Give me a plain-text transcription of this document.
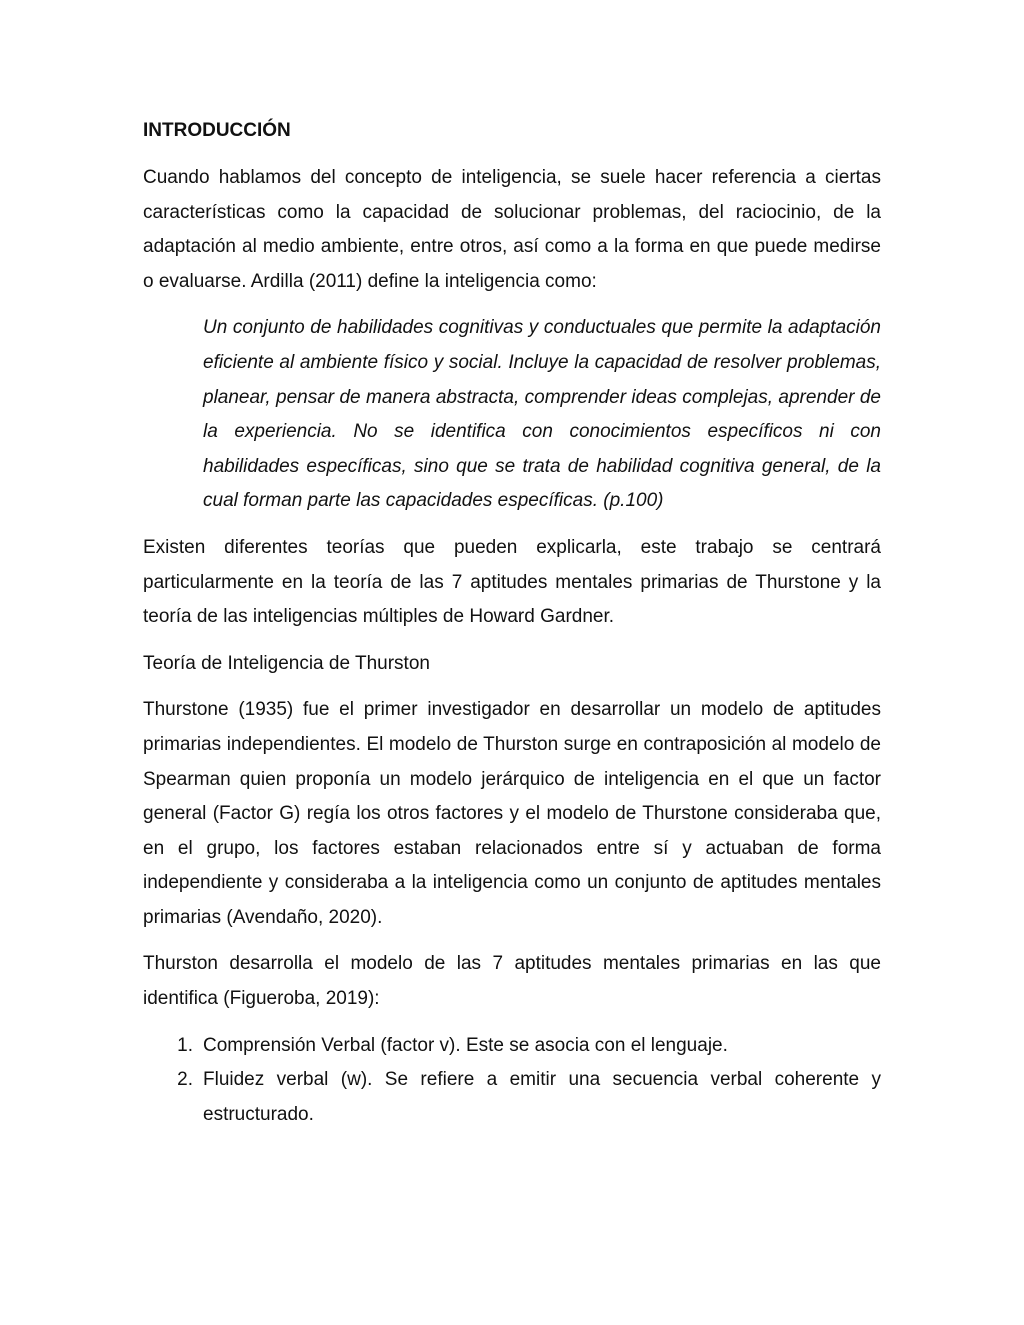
INTRODUCCIÓN

Cuando hablamos del concepto de inteligencia, se suele hacer referencia a ciertas características como la capacidad de solucionar problemas, del raciocinio, de la adaptación al medio ambiente, entre otros, así como a la forma en que puede medirse o evaluarse. Ardilla (2011) define la inteligencia como:

Un conjunto de habilidades cognitivas y conductuales que permite la adaptación eficiente al ambiente físico y social. Incluye la capacidad de resolver problemas, planear, pensar de manera abstracta, comprender ideas complejas, aprender de la experiencia. No se identifica con conocimientos específicos ni con habilidades específicas, sino que se trata de habilidad cognitiva general, de la cual forman parte las capacidades específicas. (p.100)

Existen diferentes teorías que pueden explicarla, este trabajo se centrará particularmente en la teoría de las 7 aptitudes mentales primarias de Thurstone y la teoría de las inteligencias múltiples de Howard Gardner.

Teoría de Inteligencia de Thurston

Thurstone (1935) fue el primer investigador en desarrollar un modelo de aptitudes primarias independientes. El modelo de Thurston surge en contraposición al modelo de Spearman quien proponía un modelo jerárquico de inteligencia en el que un factor general (Factor G) regía los otros factores y el modelo de Thurstone consideraba que, en el grupo, los factores estaban relacionados entre sí y actuaban de forma independiente y consideraba a la inteligencia como un conjunto de aptitudes mentales primarias (Avendaño, 2020).

Thurston desarrolla el modelo de las 7 aptitudes mentales primarias en las que identifica (Figueroba, 2019):

1. Comprensión Verbal (factor v). Este se asocia con el lenguaje.
2. Fluidez verbal (w). Se refiere a emitir una secuencia verbal coherente y estructurado.
